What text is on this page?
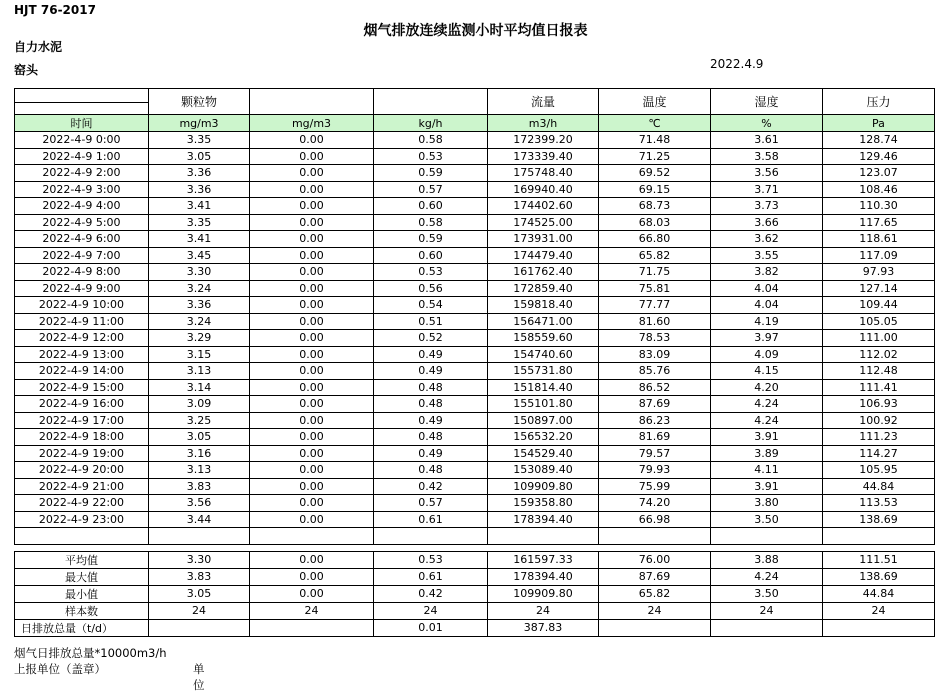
HJT 76-2017
烟气排放连续监测小时平均值日报表
自力水泥
窑头	2022.4.9
	颗粒物			流量	温度	湿度	压力
时间	mg/m3	mg/m3	kg/h	m3/h	℃	%	Pa
2022-4-9 0:00	3.35	0.00	0.58	172399.20	71.48	3.61	128.74
2022-4-9 1:00	3.05	0.00	0.53	173339.40	71.25	3.58	129.46
2022-4-9 2:00	3.36	0.00	0.59	175748.40	69.52	3.56	123.07
2022-4-9 3:00	3.36	0.00	0.57	169940.40	69.15	3.71	108.46
2022-4-9 4:00	3.41	0.00	0.60	174402.60	68.73	3.73	110.30
2022-4-9 5:00	3.35	0.00	0.58	174525.00	68.03	3.66	117.65
2022-4-9 6:00	3.41	0.00	0.59	173931.00	66.80	3.62	118.61
2022-4-9 7:00	3.45	0.00	0.60	174479.40	65.82	3.55	117.09
2022-4-9 8:00	3.30	0.00	0.53	161762.40	71.75	3.82	97.93
2022-4-9 9:00	3.24	0.00	0.56	172859.40	75.81	4.04	127.14
2022-4-9 10:00	3.36	0.00	0.54	159818.40	77.77	4.04	109.44
2022-4-9 11:00	3.24	0.00	0.51	156471.00	81.60	4.19	105.05
2022-4-9 12:00	3.29	0.00	0.52	158559.60	78.53	3.97	111.00
2022-4-9 13:00	3.15	0.00	0.49	154740.60	83.09	4.09	112.02
2022-4-9 14:00	3.13	0.00	0.49	155731.80	85.76	4.15	112.48
2022-4-9 15:00	3.14	0.00	0.48	151814.40	86.52	4.20	111.41
2022-4-9 16:00	3.09	0.00	0.48	155101.80	87.69	4.24	106.93
2022-4-9 17:00	3.25	0.00	0.49	150897.00	86.23	4.24	100.92
2022-4-9 18:00	3.05	0.00	0.48	156532.20	81.69	3.91	111.23
2022-4-9 19:00	3.16	0.00	0.49	154529.40	79.57	3.89	114.27
2022-4-9 20:00	3.13	0.00	0.48	153089.40	79.93	4.11	105.95
2022-4-9 21:00	3.83	0.00	0.42	109909.80	75.99	3.91	44.84
2022-4-9 22:00	3.56	0.00	0.57	159358.80	74.20	3.80	113.53
2022-4-9 23:00	3.44	0.00	0.61	178394.40	66.98	3.50	138.69

平均值	3.30	0.00	0.53	161597.33	76.00	3.88	111.51
最大值	3.83	0.00	0.61	178394.40	87.69	4.24	138.69
最小值	3.05	0.00	0.42	109909.80	65.82	3.50	44.84
样本数	24	24	24	24	24	24	24
日排放总量（t/d）			0.01	387.83			
烟气日排放总量*10000m3/h
上报单位（盖章）	单位
